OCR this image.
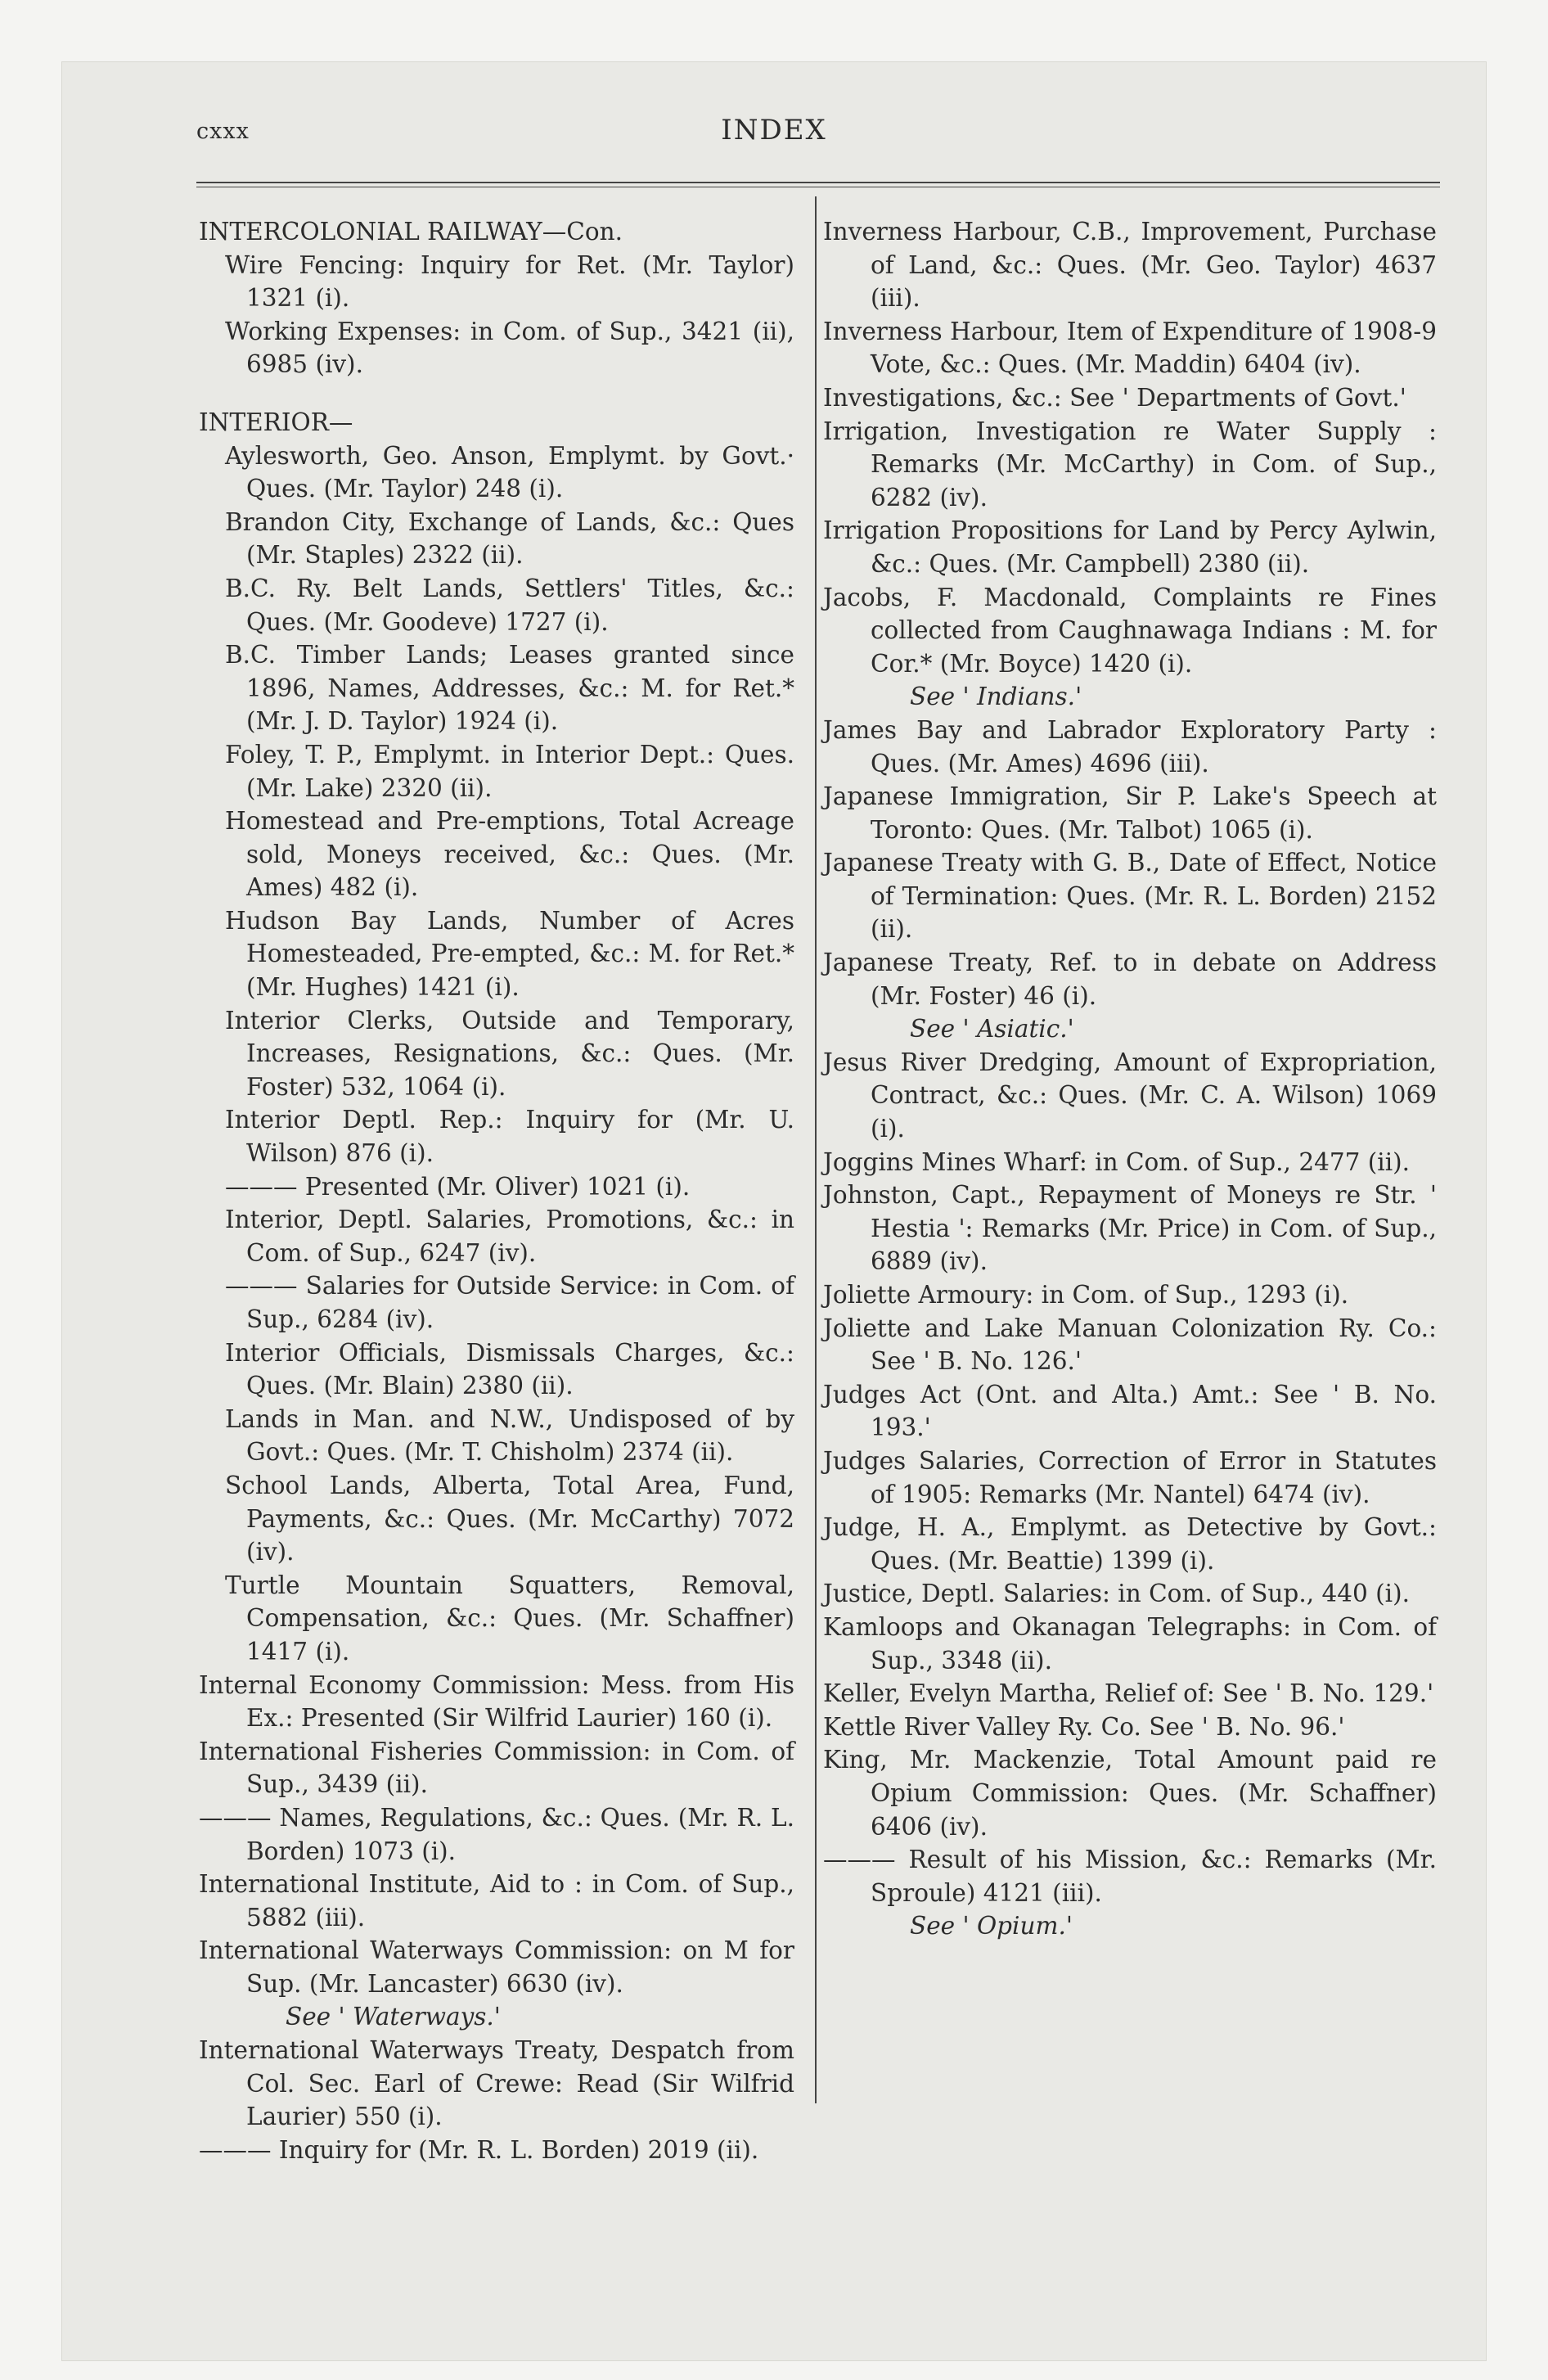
cxxx	INDEX

INTERCOLONIAL RAILWAY—Con.

Wire Fencing: Inquiry for Ret. (Mr. Taylor) 1321 (i).

Working Expenses: in Com. of Sup., 3421 (ii), 6985 (iv).

INTERIOR—

Aylesworth, Geo. Anson, Emplymt. by Govt.· Ques. (Mr. Taylor) 248 (i).

Brandon City, Exchange of Lands, &c.: Ques (Mr. Staples) 2322 (ii).

B.C. Ry. Belt Lands, Settlers' Titles, &c.: Ques. (Mr. Goodeve) 1727 (i).

B.C. Timber Lands; Leases granted since 1896, Names, Addresses, &c.: M. for Ret.* (Mr. J. D. Taylor) 1924 (i).

Foley, T. P., Emplymt. in Interior Dept.: Ques. (Mr. Lake) 2320 (ii).

Homestead and Pre-emptions, Total Acreage sold, Moneys received, &c.: Ques. (Mr. Ames) 482 (i).

Hudson Bay Lands, Number of Acres Homesteaded, Pre-empted, &c.: M. for Ret.* (Mr. Hughes) 1421 (i).

Interior Clerks, Outside and Temporary, Increases, Resignations, &c.: Ques. (Mr. Foster) 532, 1064 (i).

Interior Deptl. Rep.: Inquiry for (Mr. U. Wilson) 876 (i).

——— Presented (Mr. Oliver) 1021 (i).

Interior, Deptl. Salaries, Promotions, &c.: in Com. of Sup., 6247 (iv).

——— Salaries for Outside Service: in Com. of Sup., 6284 (iv).

Interior Officials, Dismissals Charges, &c.: Ques. (Mr. Blain) 2380 (ii).

Lands in Man. and N.W., Undisposed of by Govt.: Ques. (Mr. T. Chisholm) 2374 (ii).

School Lands, Alberta, Total Area, Fund, Payments, &c.: Ques. (Mr. McCarthy) 7072 (iv).

Turtle Mountain Squatters, Removal, Compensation, &c.: Ques. (Mr. Schaffner) 1417 (i).

Internal Economy Commission: Mess. from His Ex.: Presented (Sir Wilfrid Laurier) 160 (i).

International Fisheries Commission: in Com. of Sup., 3439 (ii).

——— Names, Regulations, &c.: Ques. (Mr. R. L. Borden) 1073 (i).

International Institute, Aid to : in Com. of Sup., 5882 (iii).

International Waterways Commission: on M for Sup. (Mr. Lancaster) 6630 (iv).

See ' Waterways.'

International Waterways Treaty, Despatch from Col. Sec. Earl of Crewe: Read (Sir Wilfrid Laurier) 550 (i).

——— Inquiry for (Mr. R. L. Borden) 2019 (ii).

Inverness Harbour, C.B., Improvement, Purchase of Land, &c.: Ques. (Mr. Geo. Taylor) 4637 (iii).

Inverness Harbour, Item of Expenditure of 1908-9 Vote, &c.: Ques. (Mr. Maddin) 6404 (iv).

Investigations, &c.: See ' Departments of Govt.'

Irrigation, Investigation re Water Supply : Remarks (Mr. McCarthy) in Com. of Sup., 6282 (iv).

Irrigation Propositions for Land by Percy Aylwin, &c.: Ques. (Mr. Campbell) 2380 (ii).

Jacobs, F. Macdonald, Complaints re Fines collected from Caughnawaga Indians : M. for Cor.* (Mr. Boyce) 1420 (i).

See ' Indians.'

James Bay and Labrador Exploratory Party : Ques. (Mr. Ames) 4696 (iii).

Japanese Immigration, Sir P. Lake's Speech at Toronto: Ques. (Mr. Talbot) 1065 (i).

Japanese Treaty with G. B., Date of Effect, Notice of Termination: Ques. (Mr. R. L. Borden) 2152 (ii).

Japanese Treaty, Ref. to in debate on Address (Mr. Foster) 46 (i).

See ' Asiatic.'

Jesus River Dredging, Amount of Expropriation, Contract, &c.: Ques. (Mr. C. A. Wilson) 1069 (i).

Joggins Mines Wharf: in Com. of Sup., 2477 (ii).

Johnston, Capt., Repayment of Moneys re Str. ' Hestia ': Remarks (Mr. Price) in Com. of Sup., 6889 (iv).

Joliette Armoury: in Com. of Sup., 1293 (i).

Joliette and Lake Manuan Colonization Ry. Co.: See ' B. No. 126.'

Judges Act (Ont. and Alta.) Amt.: See ' B. No. 193.'

Judges Salaries, Correction of Error in Statutes of 1905: Remarks (Mr. Nantel) 6474 (iv).

Judge, H. A., Emplymt. as Detective by Govt.: Ques. (Mr. Beattie) 1399 (i).

Justice, Deptl. Salaries: in Com. of Sup., 440 (i).

Kamloops and Okanagan Telegraphs: in Com. of Sup., 3348 (ii).

Keller, Evelyn Martha, Relief of: See ' B. No. 129.'

Kettle River Valley Ry. Co. See ' B. No. 96.'

King, Mr. Mackenzie, Total Amount paid re Opium Commission: Ques. (Mr. Schaffner) 6406 (iv).

——— Result of his Mission, &c.: Remarks (Mr. Sproule) 4121 (iii).

See ' Opium.'
